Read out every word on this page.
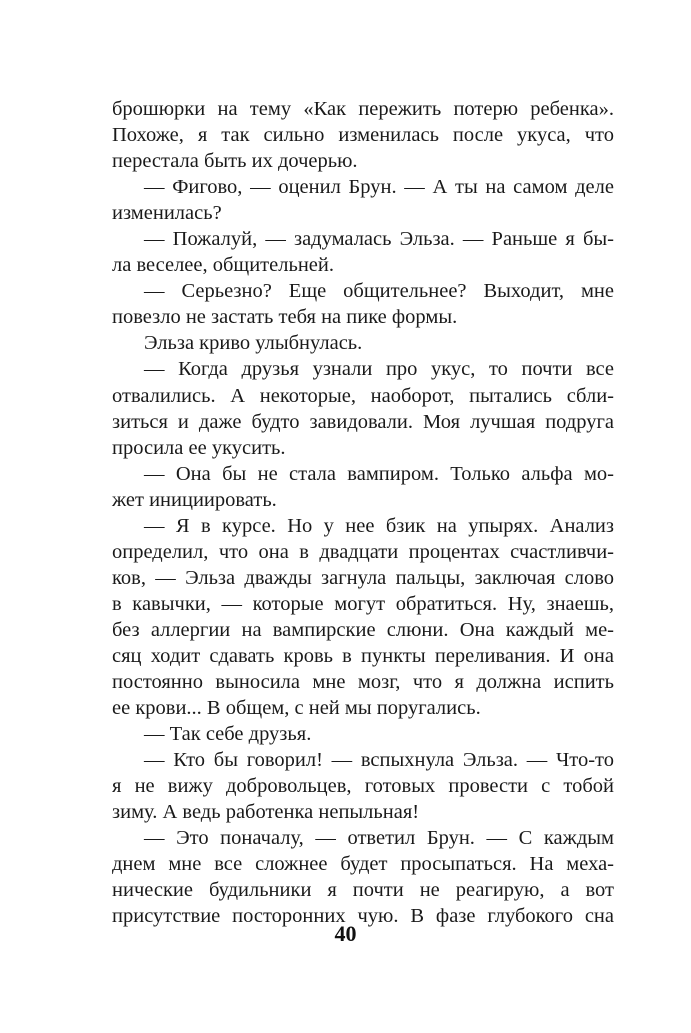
брошюрки на тему «Как пережить потерю ребенка».
Похоже, я так сильно изменилась после укуса, что
перестала быть их дочерью.
— Фигово, — оценил Брун. — А ты на самом деле
изменилась?
— Пожалуй, — задумалась Эльза. — Раньше я бы-
ла веселее, общительней.
— Серьезно? Еще общительнее? Выходит, мне
повезло не застать тебя на пике формы.
Эльза криво улыбнулась.
— Когда друзья узнали про укус, то почти все
отвалились. А некоторые, наоборот, пытались сбли-
зиться и даже будто завидовали. Моя лучшая подруга
просила ее укусить.
— Она бы не стала вампиром. Только альфа мо-
жет инициировать.
— Я в курсе. Но у нее бзик на упырях. Анализ
определил, что она в двадцати процентах счастливчи-
ков, — Эльза дважды загнула пальцы, заключая слово
в кавычки, — которые могут обратиться. Ну, знаешь,
без аллергии на вампирские слюни. Она каждый ме-
сяц ходит сдавать кровь в пункты переливания. И она
постоянно выносила мне мозг, что я должна испить
ее крови... В общем, с ней мы поругались.
— Так себе друзья.
— Кто бы говорил! — вспыхнула Эльза. — Что-то
я не вижу добровольцев, готовых провести с тобой
зиму. А ведь работенка непыльная!
— Это поначалу, — ответил Брун. — С каждым
днем мне все сложнее будет просыпаться. На меха-
нические будильники я почти не реагирую, а вот
присутствие посторонних чую. В фазе глубокого сна
40
